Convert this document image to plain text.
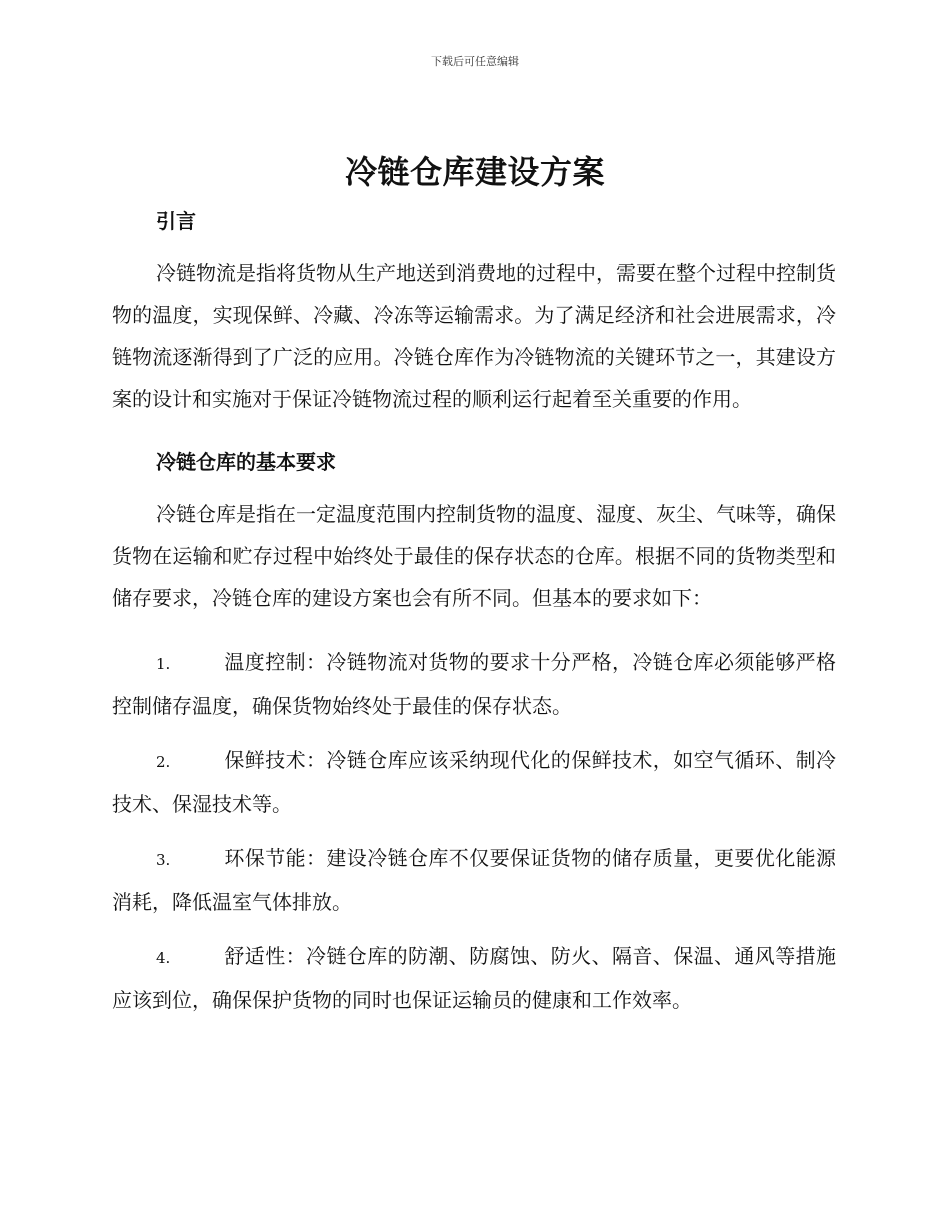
下载后可任意编辑
冷链仓库建设方案
引言

冷链物流是指将货物从生产地送到消费地的过程中，需要在整个过程中控制货物的温度，实现保鲜、冷藏、冷冻等运输需求。为了满足经济和社会进展需求，冷链物流逐渐得到了广泛的应用。冷链仓库作为冷链物流的关键环节之一，其建设方案的设计和实施对于保证冷链物流过程的顺利运行起着至关重要的作用。

冷链仓库的基本要求

冷链仓库是指在一定温度范围内控制货物的温度、湿度、灰尘、气味等，确保货物在运输和贮存过程中始终处于最佳的保存状态的仓库。根据不同的货物类型和储存要求，冷链仓库的建设方案也会有所不同。但基本的要求如下：

1.	温度控制：冷链物流对货物的要求十分严格，冷链仓库必须能够严格控制储存温度，确保货物始终处于最佳的保存状态。

2.	保鲜技术：冷链仓库应该采纳现代化的保鲜技术，如空气循环、制冷技术、保湿技术等。

3.	环保节能：建设冷链仓库不仅要保证货物的储存质量，更要优化能源消耗，降低温室气体排放。

4.	舒适性：冷链仓库的防潮、防腐蚀、防火、隔音、保温、通风等措施应该到位，确保保护货物的同时也保证运输员的健康和工作效率。
